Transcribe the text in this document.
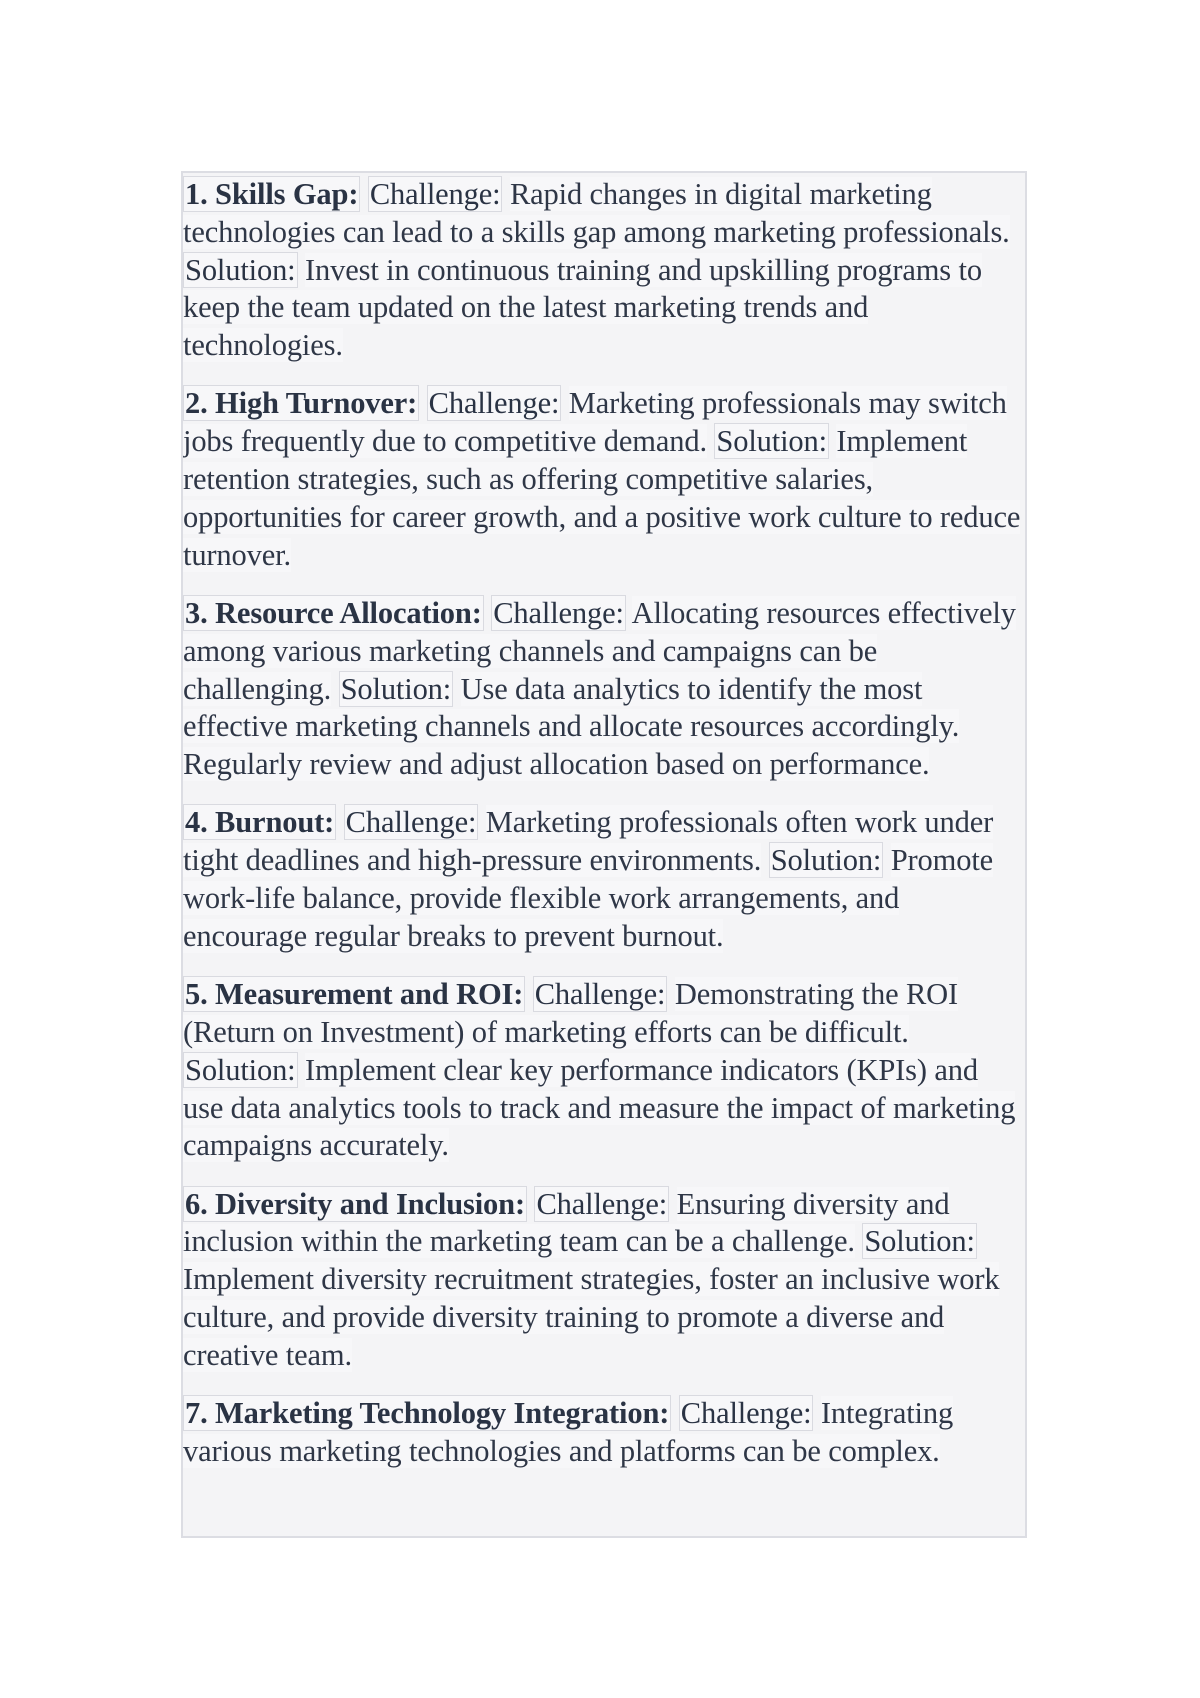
1. Skills Gap: Challenge: Rapid changes in digital marketing technologies can lead to a skills gap among marketing professionals. Solution: Invest in continuous training and upskilling programs to keep the team updated on the latest marketing trends and technologies.

2. High Turnover: Challenge: Marketing professionals may switch jobs frequently due to competitive demand. Solution: Implement retention strategies, such as offering competitive salaries, opportunities for career growth, and a positive work culture to reduce turnover.

3. Resource Allocation: Challenge: Allocating resources effectively among various marketing channels and campaigns can be challenging. Solution: Use data analytics to identify the most effective marketing channels and allocate resources accordingly. Regularly review and adjust allocation based on performance.

4. Burnout: Challenge: Marketing professionals often work under tight deadlines and high-pressure environments. Solution: Promote work-life balance, provide flexible work arrangements, and encourage regular breaks to prevent burnout.

5. Measurement and ROI: Challenge: Demonstrating the ROI (Return on Investment) of marketing efforts can be difficult. Solution: Implement clear key performance indicators (KPIs) and use data analytics tools to track and measure the impact of marketing campaigns accurately.

6. Diversity and Inclusion: Challenge: Ensuring diversity and inclusion within the marketing team can be a challenge. Solution: Implement diversity recruitment strategies, foster an inclusive work culture, and provide diversity training to promote a diverse and creative team.

7. Marketing Technology Integration: Challenge: Integrating various marketing technologies and platforms can be complex.
